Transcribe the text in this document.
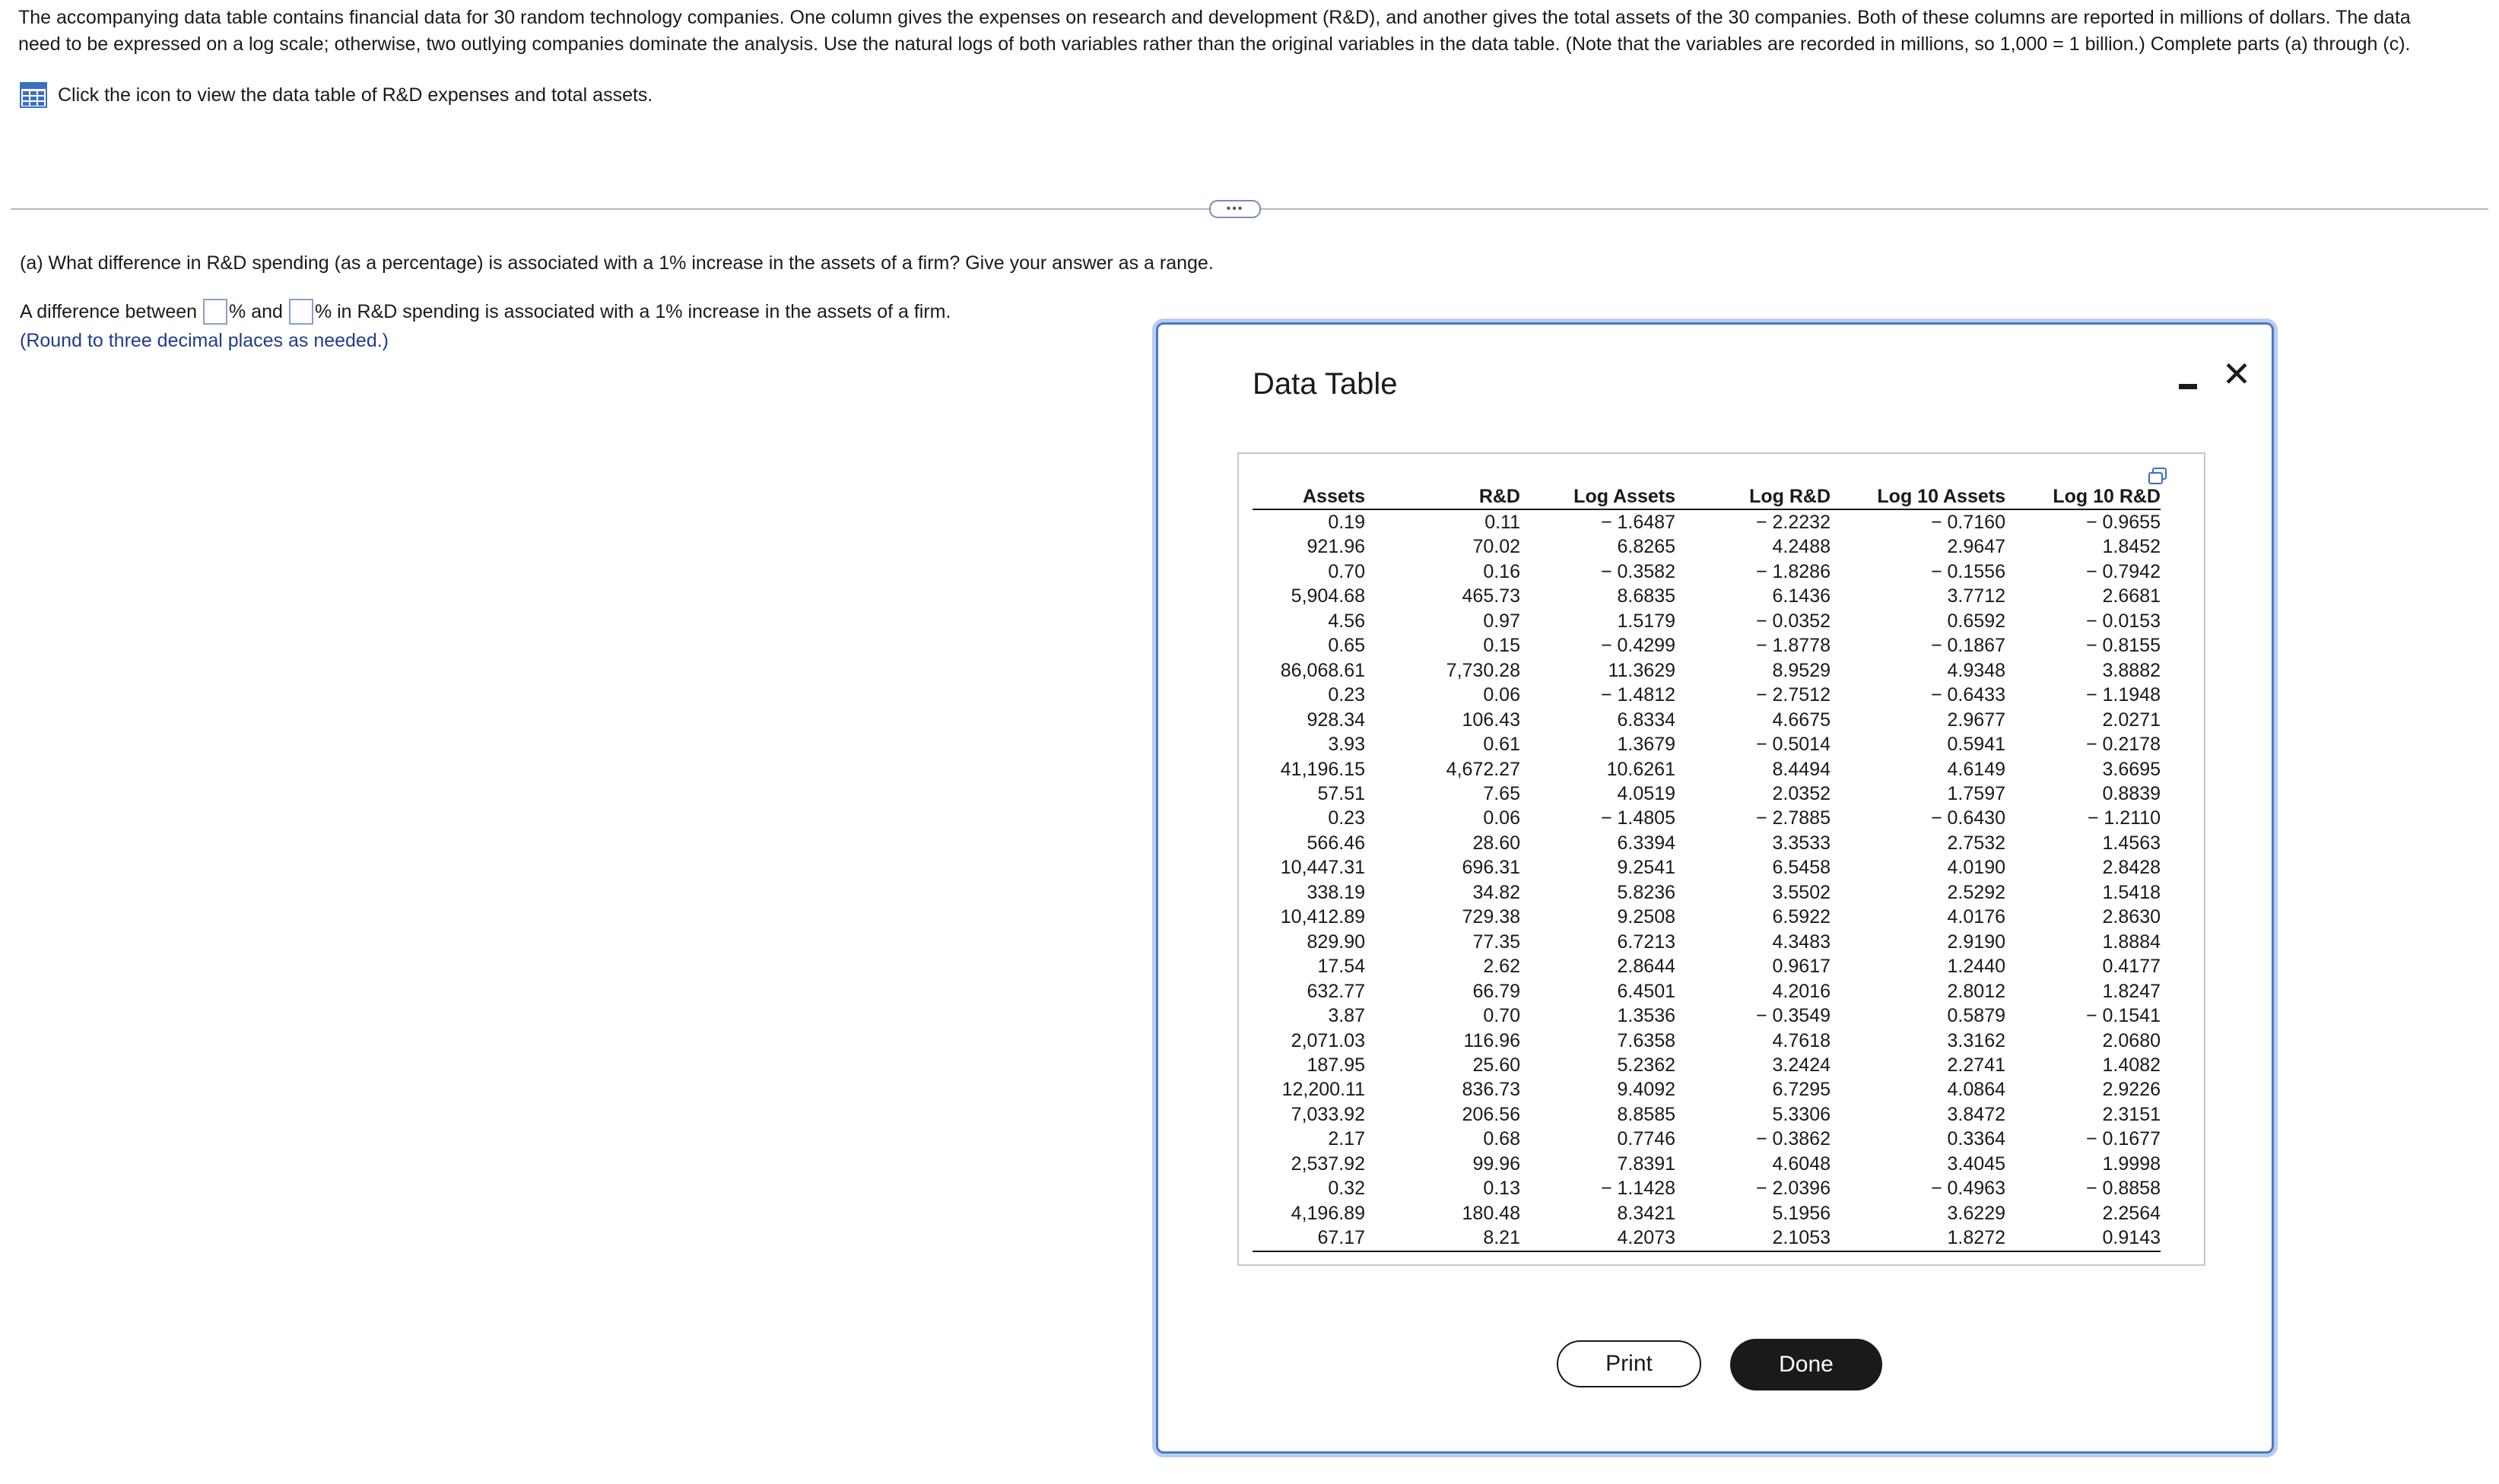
The accompanying data table contains financial data for 30 random technology companies. One column gives the expenses on research and development (R&D), and another gives the total assets of the 30 companies. Both of these columns are reported in millions of dollars. The data need to be expressed on a log scale; otherwise, two outlying companies dominate the analysis. Use the natural logs of both variables rather than the original variables in the data table. (Note that the variables are recorded in millions, so 1,000 = 1 billion.) Complete parts (a) through (c).
Click the icon to view the data table of R&D expenses and total assets.
•••
(a) What difference in R&D spending (as a percentage) is associated with a 1% increase in the assets of a firm? Give your answer as a range.
A difference between % and % in R&D spending is associated with a 1% increase in the assets of a firm.
(Round to three decimal places as needed.)
Data Table	✕
Assets	R&D	Log Assets	Log R&D	Log 10 Assets	Log 10 R&D
0.19	0.11	− 1.6487	− 2.2232	− 0.7160	− 0.9655
921.96	70.02	6.8265	4.2488	2.9647	1.8452
0.70	0.16	− 0.3582	− 1.8286	− 0.1556	− 0.7942
5,904.68	465.73	8.6835	6.1436	3.7712	2.6681
4.56	0.97	1.5179	− 0.0352	0.6592	− 0.0153
0.65	0.15	− 0.4299	− 1.8778	− 0.1867	− 0.8155
86,068.61	7,730.28	11.3629	8.9529	4.9348	3.8882
0.23	0.06	− 1.4812	− 2.7512	− 0.6433	− 1.1948
928.34	106.43	6.8334	4.6675	2.9677	2.0271
3.93	0.61	1.3679	− 0.5014	0.5941	− 0.2178
41,196.15	4,672.27	10.6261	8.4494	4.6149	3.6695
57.51	7.65	4.0519	2.0352	1.7597	0.8839
0.23	0.06	− 1.4805	− 2.7885	− 0.6430	− 1.2110
566.46	28.60	6.3394	3.3533	2.7532	1.4563
10,447.31	696.31	9.2541	6.5458	4.0190	2.8428
338.19	34.82	5.8236	3.5502	2.5292	1.5418
10,412.89	729.38	9.2508	6.5922	4.0176	2.8630
829.90	77.35	6.7213	4.3483	2.9190	1.8884
17.54	2.62	2.8644	0.9617	1.2440	0.4177
632.77	66.79	6.4501	4.2016	2.8012	1.8247
3.87	0.70	1.3536	− 0.3549	0.5879	− 0.1541
2,071.03	116.96	7.6358	4.7618	3.3162	2.0680
187.95	25.60	5.2362	3.2424	2.2741	1.4082
12,200.11	836.73	9.4092	6.7295	4.0864	2.9226
7,033.92	206.56	8.8585	5.3306	3.8472	2.3151
2.17	0.68	0.7746	− 0.3862	0.3364	− 0.1677
2,537.92	99.96	7.8391	4.6048	3.4045	1.9998
0.32	0.13	− 1.1428	− 2.0396	− 0.4963	− 0.8858
4,196.89	180.48	8.3421	5.1956	3.6229	2.2564
67.17	8.21	4.2073	2.1053	1.8272	0.9143
Print	Done
